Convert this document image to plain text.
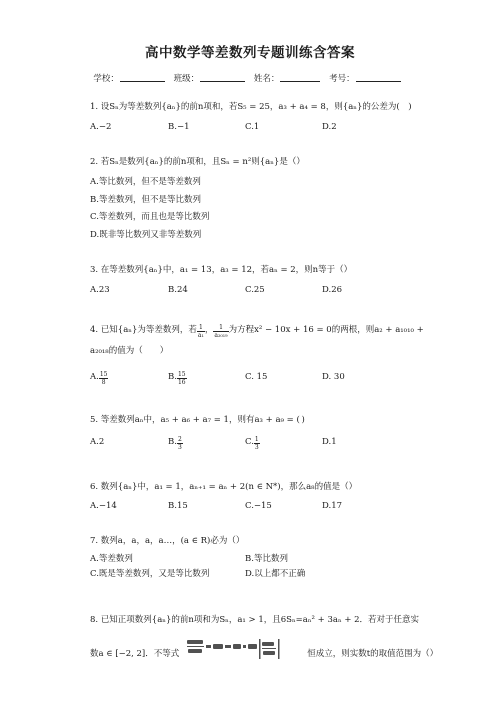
高中数学等差数列专题训练含答案
学校：	班级：	姓名：	考号：
1. 设Sₙ为等差数列{aₙ}的前n项和，若S₅ = 25，a₃ + a₄ = 8，则{aₙ}的公差为(　)
A.−2	B.−1	C.1	D.2
2. 若Sₙ是数列{aₙ}的前n项和，且Sₙ = n²则{aₙ}是（）
A.等比数列，但不是等差数列
B.等差数列，但不是等比数列
C.等差数列，而且也是等比数列
D.既非等比数列又非等差数列
3. 在等差数列{aₙ}中，a₁ = 13，a₃ = 12，若aₙ = 2，则n等于（）
A.23	B.24	C.25	D.26
4. 已知{aₙ}为等差数列，若 $\frac{1}{\text{a₁}}$ ， $\frac{1}{\text{a₂₀₁₉}}$ 为方程x² − 10x + 16 = 0的两根，则a₂ + a₁₀₁₀ +
a₂₀₁₈的值为（　　）
A. $\frac{15}{8}$	B. $\frac{15}{16}$	C. 15	D. 30
5. 等差数列aₙ中，a₅ + a₆ + a₇ = 1，则有a₃ + a₉ = ( )
A.2	B. $\frac{2}{3}$	C. $\frac{1}{3}$	D.1
6. 数列{aₙ}中，a₁ = 1，aₙ₊₁ = aₙ + 2(n ∈ N*)，那么a₈的值是（）
A.−14	B.15	C.−15	D.17
7. 数列a，a，a，a…，(a ∈ R)必为（）
A.等差数列	B.等比数列
C.既是等差数列，又是等比数列	D.以上都不正确
8. 已知正项数列{aₙ}的前n项和为Sₙ，a₁ > 1，且6Sₙ=aₙ² + 3aₙ + 2．若对于任意实
数a ∈ [−2, 2]．不等式	恒成立，则实数t的取值范围为（）
